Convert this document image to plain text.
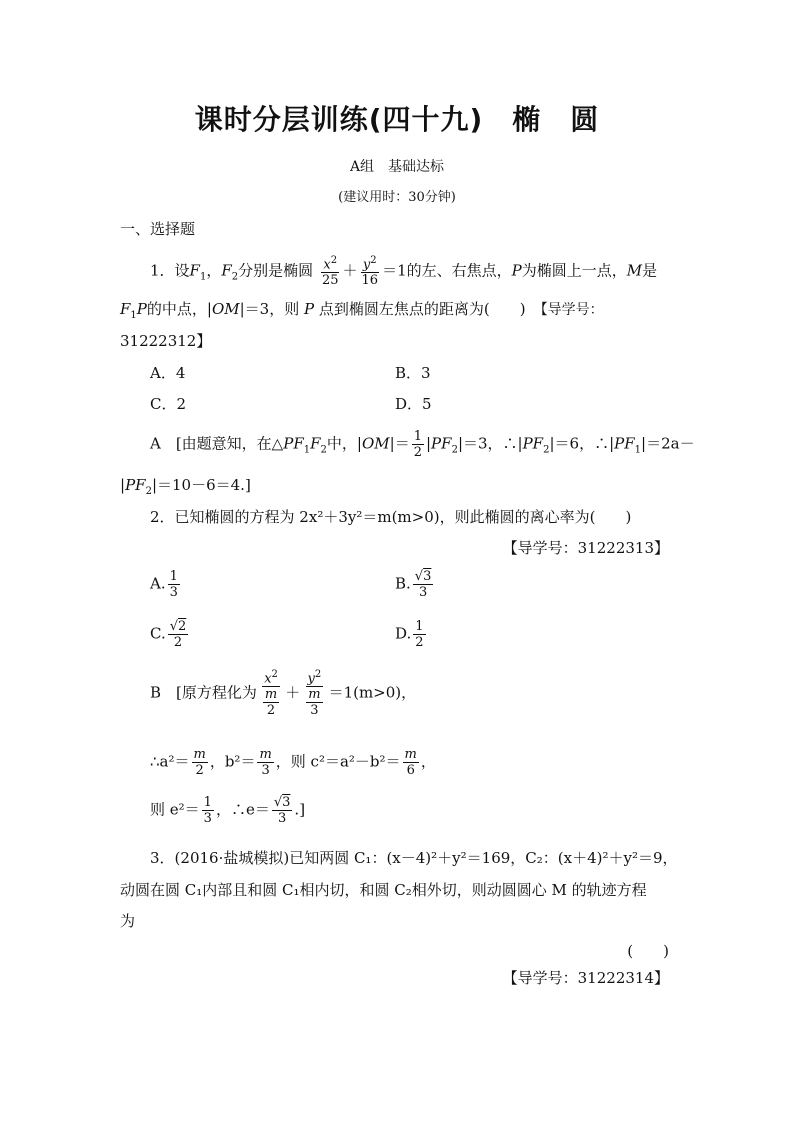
课时分层训练(四十九)　椭　圆
A组　基础达标
(建议用时：30分钟)
一、选择题
1．设$F_1$，$F_2$分别是椭圆 $\frac{x^2}{25} + \frac{y^2}{16} =1$的左、右焦点，P为椭圆上一点，M是
$F_1P$的中点，|OM|＝3，则 P 点到椭圆左焦点的距离为(　　)　 【导学号：
31222312】
A．4	B．3
C．2	D．5
A　[由题意知，在$\triangle PF_1F_2$中，$|OM|= \frac{1}{2} |PF_2|=3$，$\therefore|PF_2|=6$，$\therefore|PF_1|=2a-$
$|PF_2|=10-6=4$.]
2．已知椭圆的方程为 2x²＋3y²＝m(m>0)，则此椭圆的离心率为(　　)
【导学号：31222313】
A. $\frac{1}{3}$	B. $\frac{√3}{3}$
C. $\frac{√2}{2}$	D. $\frac{1}{2}$
B　[原方程化为 $\frac{x^2}{\frac{m}{2}} + \frac{y^2}{\frac{m}{3}} =1(m>0)$，
∴a²＝ $\frac{m}{2}$ ，$b^2= \frac{m}{3}$ ，则 $c^2=a^2-b^2= \frac{m}{6}$ ，
则 $e^2= \frac{1}{3}$ ，∴e＝ $\frac{√3}{3}$ .]
3．(2016·盐城模拟)已知两圆 C₁：(x－4)²＋y²＝169，C₂：(x＋4)²＋y²＝9，
动圆在圆 C₁内部且和圆 C₁相内切，和圆 C₂相外切，则动圆圆心 M 的轨迹方程
为
(　　)
【导学号：31222314】
